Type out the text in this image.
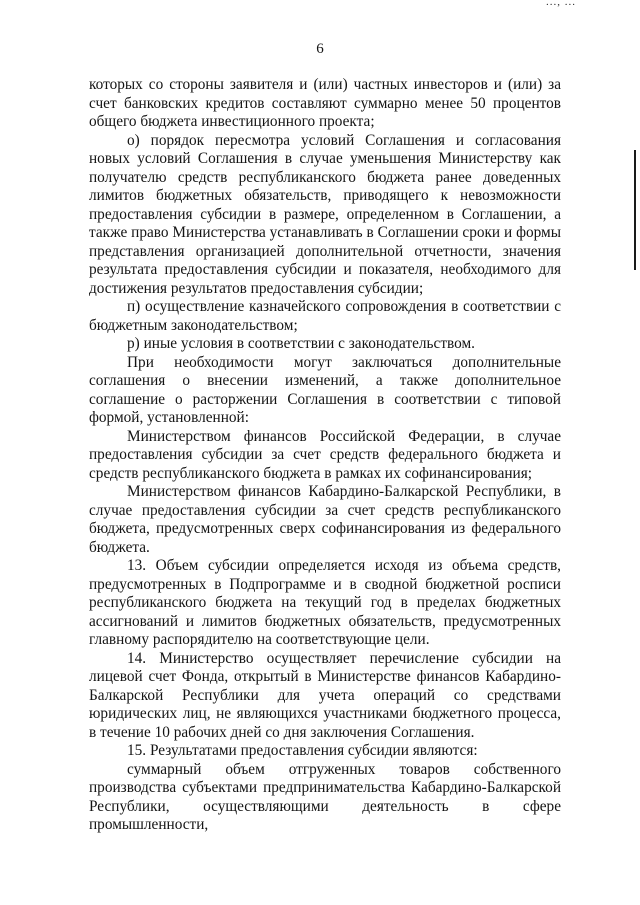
..., ...
6

которых со стороны заявителя и (или) частных инвесторов и (или) за счет банковских кредитов составляют суммарно менее 50 процентов общего бюджета инвестиционного проекта;

о) порядок пересмотра условий Соглашения и согласования новых условий Соглашения в случае уменьшения Министерству как получателю средств республиканского бюджета ранее доведенных лимитов бюджетных обязательств, приводящего к невозможности предоставления субсидии в размере, определенном в Соглашении, а также право Министерства устанавливать в Соглашении сроки и формы представления организацией дополнительной отчетности, значения результата предоставления субсидии и показателя, необходимого для достижения результатов предоставления субсидии;

п) осуществление казначейского сопровождения в соответствии с бюджетным законодательством;

р) иные условия в соответствии с законодательством.

При необходимости могут заключаться дополнительные соглашения о внесении изменений, а также дополнительное соглашение о расторжении Соглашения в соответствии с типовой формой, установленной:

Министерством финансов Российской Федерации, в случае предоставления субсидии за счет средств федерального бюджета и средств республиканского бюджета в рамках их софинансирования;

Министерством финансов Кабардино-Балкарской Республики, в случае предоставления субсидии за счет средств республиканского бюджета, предусмотренных сверх софинансирования из федерального бюджета.

13. Объем субсидии определяется исходя из объема средств, предусмотренных в Подпрограмме и в сводной бюджетной росписи республиканского бюджета на текущий год в пределах бюджетных ассигнований и лимитов бюджетных обязательств, предусмотренных главному распорядителю на соответствующие цели.

14. Министерство осуществляет перечисление субсидии на лицевой счет Фонда, открытый в Министерстве финансов Кабардино-Балкарской Республики для учета операций со средствами юридических лиц, не являющихся участниками бюджетного процесса, в течение 10 рабочих дней со дня заключения Соглашения.

15. Результатами предоставления субсидии являются:

суммарный объем отгруженных товаров собственного производства субъектами предпринимательства Кабардино-Балкарской Республики, осуществляющими деятельность в сфере промышленности,
